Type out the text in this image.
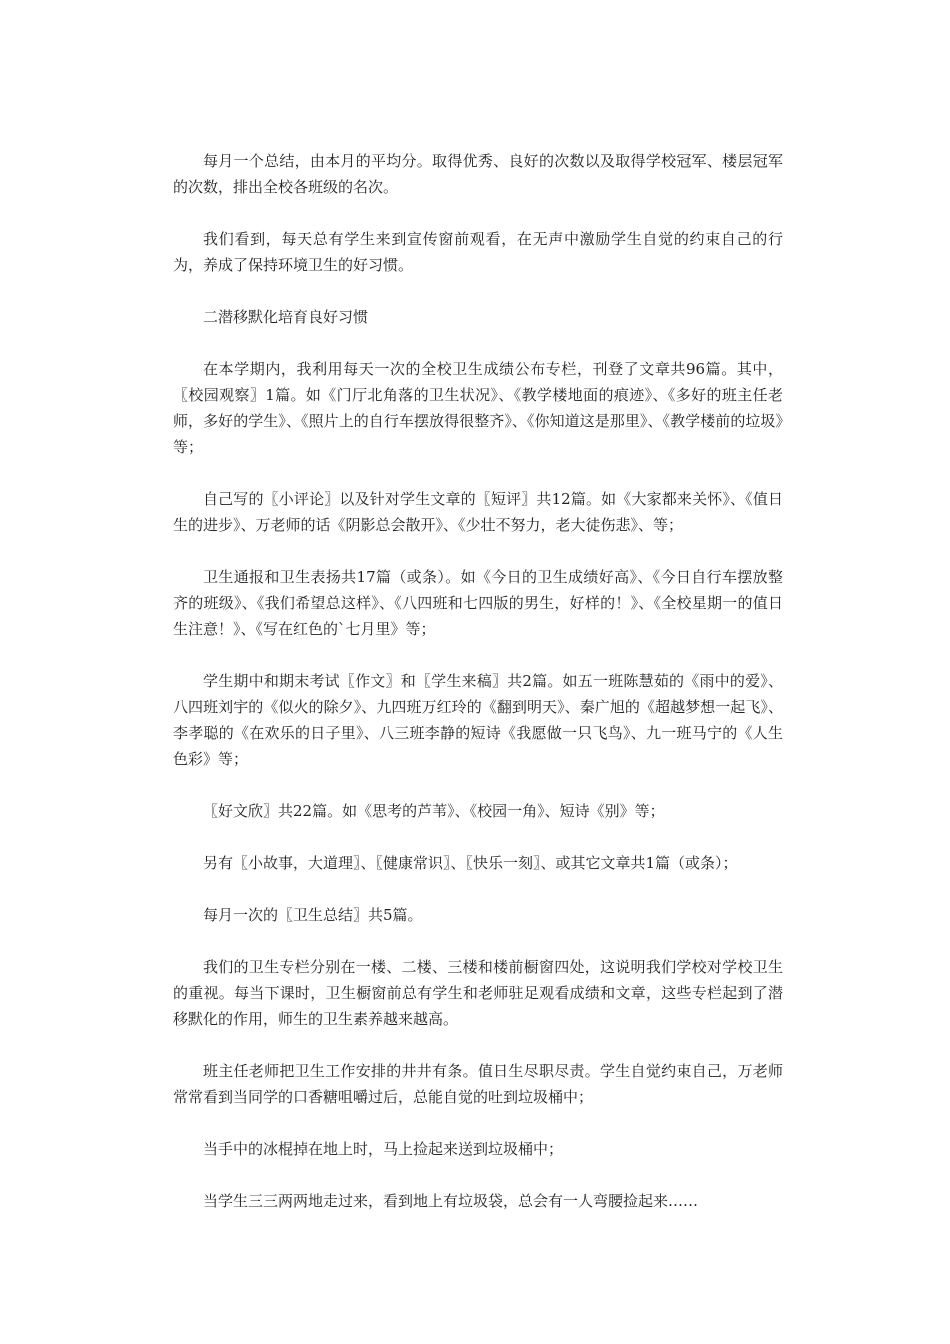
每月一个总结，由本月的平均分。取得优秀、良好的次数以及取得学校冠军、楼层冠军的次数，排出全校各班级的名次。

我们看到，每天总有学生来到宣传窗前观看，在无声中激励学生自觉的约束自己的行为，养成了保持环境卫生的好习惯。

二潜移默化培育良好习惯

在本学期内，我利用每天一次的全校卫生成绩公布专栏，刊登了文章共96篇。其中，〖校园观察〗1篇。如《门厅北角落的卫生状况》、《教学楼地面的痕迹》、《多好的班主任老师，多好的学生》、《照片上的自行车摆放得很整齐》、《你知道这是那里》、《教学楼前的垃圾》等；

自己写的〖小评论〗以及针对学生文章的〖短评〗共12篇。如《大家都来关怀》、《值日生的进步》、万老师的话《阴影总会散开》、《少壮不努力，老大徒伤悲》、等；

卫生通报和卫生表扬共17篇（或条）。如《今日的卫生成绩好高》、《今日自行车摆放整齐的班级》、《我们希望总这样》、《八四班和七四版的男生，好样的！》、《全校星期一的值日生注意！》、《写在红色的`七月里》等；

学生期中和期末考试〖作文〗和〖学生来稿〗共2篇。如五一班陈慧茹的《雨中的爱》、八四班刘宇的《似火的除夕》、九四班万红玲的《翻到明天》、秦广旭的《超越梦想一起飞》、李孝聪的《在欢乐的日子里》、八三班李静的短诗《我愿做一只飞鸟》、九一班马宁的《人生色彩》等；

〖好文欣〗共22篇。如《思考的芦苇》、《校园一角》、短诗《别》等；

另有〖小故事，大道理〗、〖健康常识〗、〖快乐一刻〗、或其它文章共1篇（或条）；

每月一次的〖卫生总结〗共5篇。

我们的卫生专栏分别在一楼、二楼、三楼和楼前橱窗四处，这说明我们学校对学校卫生的重视。每当下课时，卫生橱窗前总有学生和老师驻足观看成绩和文章，这些专栏起到了潜移默化的作用，师生的卫生素养越来越高。

班主任老师把卫生工作安排的井井有条。值日生尽职尽责。学生自觉约束自己，万老师常常看到当同学的口香糖咀嚼过后，总能自觉的吐到垃圾桶中；

当手中的冰棍掉在地上时，马上捡起来送到垃圾桶中；

当学生三三两两地走过来，看到地上有垃圾袋，总会有一人弯腰捡起来……
